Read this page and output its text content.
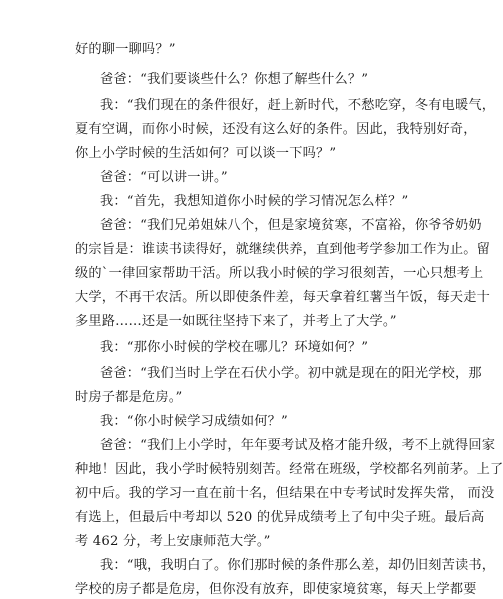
好的聊一聊吗？”
爸爸：“我们要谈些什么？你想了解些什么？”
我：“我们现在的条件很好，赶上新时代，不愁吃穿，冬有电暖气，
夏有空调，而你小时候，还没有这么好的条件。因此，我特别好奇，
你上小学时候的生活如何？可以谈一下吗？”
爸爸：“可以讲一讲。”
我：“首先，我想知道你小时候的学习情况怎么样？”
爸爸：“我们兄弟姐妹八个，但是家境贫寒，不富裕，你爷爷奶奶
的宗旨是：谁读书读得好，就继续供养，直到他考学参加工作为止。留
级的`一律回家帮助干活。所以我小时候的学习很刻苦，一心只想考上
大学，不再干农活。所以即使条件差，每天拿着红薯当午饭，每天走十
多里路……还是一如既往坚持下来了，并考上了大学。”
我：“那你小时候的学校在哪儿？环境如何？”
爸爸：“我们当时上学在石伏小学。初中就是现在的阳光学校，那
时房子都是危房。”
我：“你小时候学习成绩如何？”
爸爸：“我们上小学时，年年要考试及格才能升级，考不上就得回家
种地！因此，我小学时候特别刻苦。经常在班级，学校都名列前茅。上了
初中后。我的学习一直在前十名，但结果在中专考试时发挥失常， 而没
有选上，但最后中考却以 520 的优异成绩考上了旬中尖子班。最后高
考 462 分，考上安康师范大学。”
我：“哦，我明白了。你们那时候的条件那么差，却仍旧刻苦读书，
学校的房子都是危房，但你没有放弃，即使家境贫寒，每天上学都要
